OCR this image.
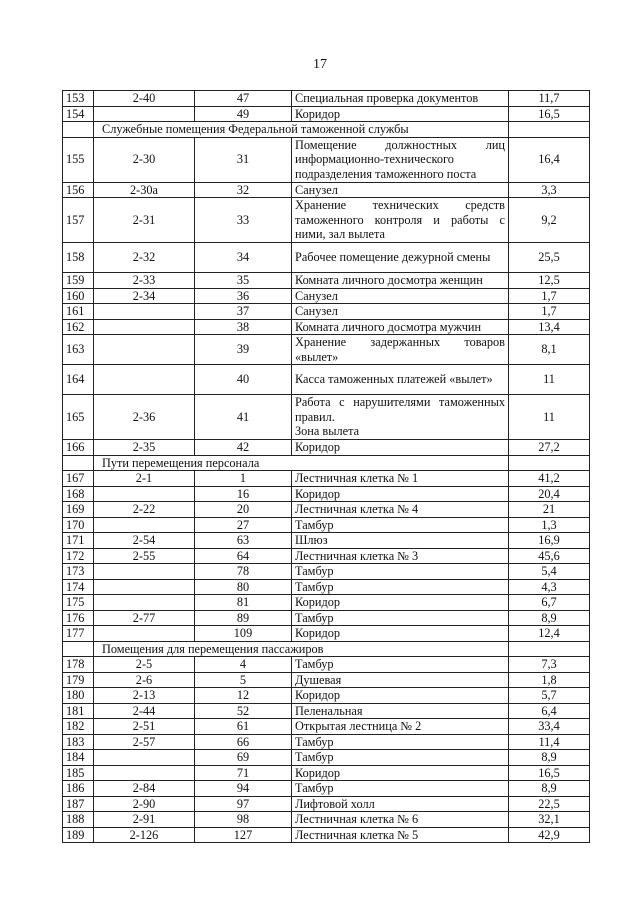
17
153	2-40	47	Специальная проверка документов	11,7
154		49	Коридор	16,5
	Служебные помещения Федеральной таможенной службы			
155	2-30	31	Помещение должностных лиц информационно-технического подразделения таможенного поста	16,4
156	2-30а	32	Санузел	3,3
157	2-31	33	Хранение технических средств таможенного контроля и работы с ними, зал вылета	9,2
158	2-32	34	Рабочее помещение дежурной смены	25,5
159	2-33	35	Комната личного досмотра женщин	12,5
160	2-34	36	Санузел	1,7
161		37	Санузел	1,7
162		38	Комната личного досмотра мужчин	13,4
163		39	Хранение задержанных товаров «вылет»	8,1
164		40	Касса таможенных платежей «вылет»	11
165	2-36	41	Работа с нарушителями таможенных правил.
Зона вылета	11
166	2-35	42	Коридор	27,2
	Пути перемещения персонала			
167	2-1	1	Лестничная клетка № 1	41,2
168		16	Коридор	20,4
169	2-22	20	Лестничная клетка № 4	21
170		27	Тамбур	1,3
171	2-54	63	Шлюз	16,9
172	2-55	64	Лестничная клетка № 3	45,6
173		78	Тамбур	5,4
174		80	Тамбур	4,3
175		81	Коридор	6,7
176	2-77	89	Тамбур	8,9
177		109	Коридор	12,4
	Помещения для перемещения пассажиров			
178	2-5	4	Тамбур	7,3
179	2-6	5	Душевая	1,8
180	2-13	12	Коридор	5,7
181	2-44	52	Пеленальная	6,4
182	2-51	61	Открытая лестница № 2	33,4
183	2-57	66	Тамбур	11,4
184		69	Тамбур	8,9
185		71	Коридор	16,5
186	2-84	94	Тамбур	8,9
187	2-90	97	Лифтовой холл	22,5
188	2-91	98	Лестничная клетка № 6	32,1
189	2-126	127	Лестничная клетка № 5	42,9
